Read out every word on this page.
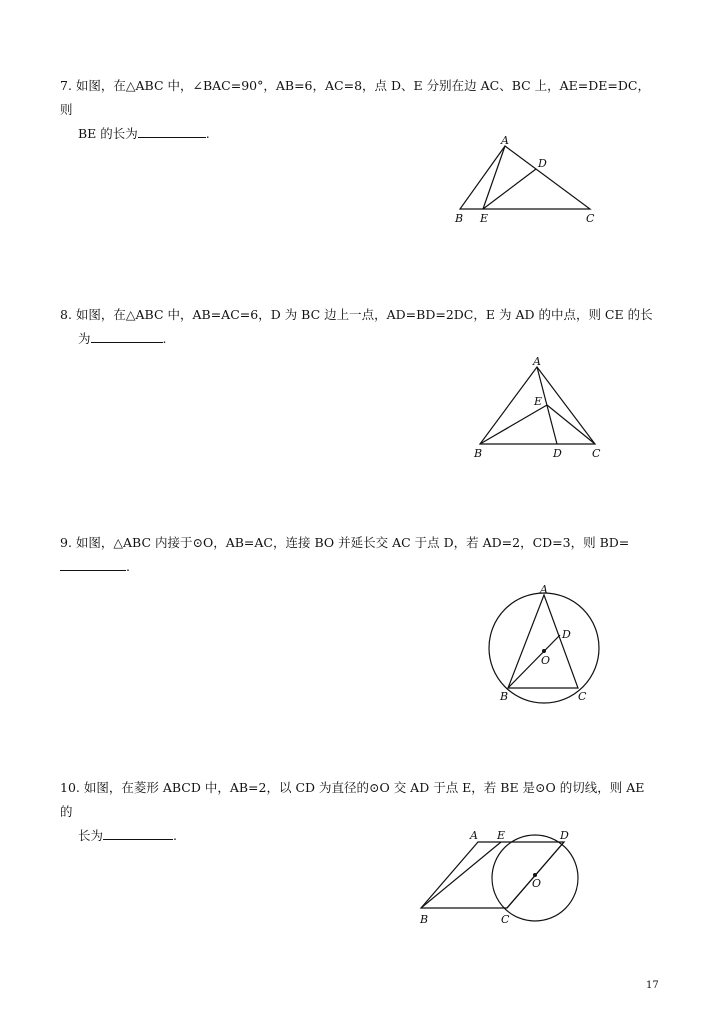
7. 如图，在△ABC 中，∠BAC=90°，AB=6，AC=8，点 D、E 分别在边 AC、BC 上，AE=DE=DC，则
BE 的长为	.	A
D
B E	C
8. 如图，在△ABC 中，AB=AC=6，D 为 BC 边上一点，AD=BD=2DC，E 为 AD 的中点，则 CE 的长
为	.
A
E
B	D	C
9. 如图，△ABC 内接于⊙O，AB=AC，连接 BO 并延长交 AC 于点 D，若 AD=2，CD=3，则 BD=.
A
D
O
B	C
10. 如图，在菱形 ABCD 中，AB=2，以 CD 为直径的⊙O 交 AD 于点 E，若 BE 是⊙O 的切线，则 AE 的
长为	.	A E	D
O
B	C
17
